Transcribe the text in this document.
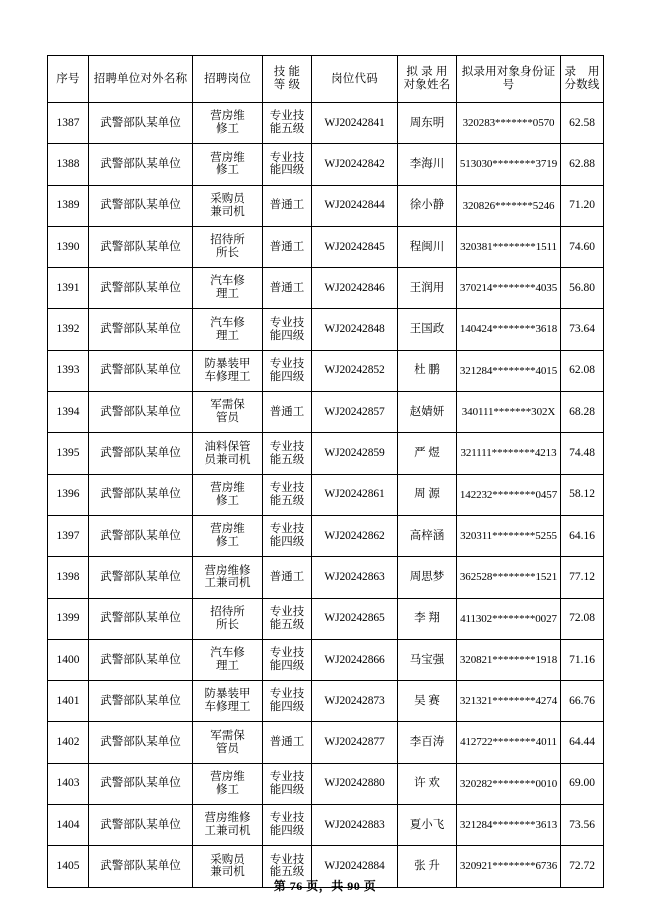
序号	招聘单位对外名称	招聘岗位	技 能
等 级	岗位代码	拟 录 用
对象姓名	拟录用对象身份证号	录　用
分数线

1387	武警部队某单位	营房维
修工	专业技
能五级	WJ20242841	周东明	320283*******0570	62.58
1388	武警部队某单位	营房维
修工	专业技
能四级	WJ20242842	李海川	513030********3719	62.88
1389	武警部队某单位	采购员
兼司机	普通工	WJ20242844	徐小静	320826*******5246	71.20
1390	武警部队某单位	招待所
所长	普通工	WJ20242845	程闽川	320381********1511	74.60
1391	武警部队某单位	汽车修
理工	普通工	WJ20242846	王润用	370214********4035	56.80
1392	武警部队某单位	汽车修
理工	专业技
能四级	WJ20242848	王国政	140424********3618	73.64
1393	武警部队某单位	防暴装甲
车修理工	专业技
能四级	WJ20242852	杜 鹏	321284********4015	62.08
1394	武警部队某单位	军需保
管员	普通工	WJ20242857	赵婧妍	340111*******302X	68.28
1395	武警部队某单位	油料保管
员兼司机	专业技
能五级	WJ20242859	严 煜	321111********4213	74.48
1396	武警部队某单位	营房维
修工	专业技
能五级	WJ20242861	周 源	142232********0457	58.12
1397	武警部队某单位	营房维
修工	专业技
能四级	WJ20242862	高梓涵	320311********5255	64.16
1398	武警部队某单位	营房维修
工兼司机	普通工	WJ20242863	周思梦	362528********1521	77.12
1399	武警部队某单位	招待所
所长	专业技
能五级	WJ20242865	李 翔	411302********0027	72.08
1400	武警部队某单位	汽车修
理工	专业技
能四级	WJ20242866	马宝强	320821********1918	71.16
1401	武警部队某单位	防暴装甲
车修理工	专业技
能四级	WJ20242873	吴 赛	321321********4274	66.76
1402	武警部队某单位	军需保
管员	普通工	WJ20242877	李百涛	412722********4011	64.44
1403	武警部队某单位	营房维
修工	专业技
能四级	WJ20242880	许 欢	320282********0010	69.00
1404	武警部队某单位	营房维修
工兼司机	专业技
能四级	WJ20242883	夏小飞	321284********3613	73.56
1405	武警部队某单位	采购员
兼司机	专业技
能五级	WJ20242884	张 升	320921********6736	72.72
第 76 页，共 90 页
